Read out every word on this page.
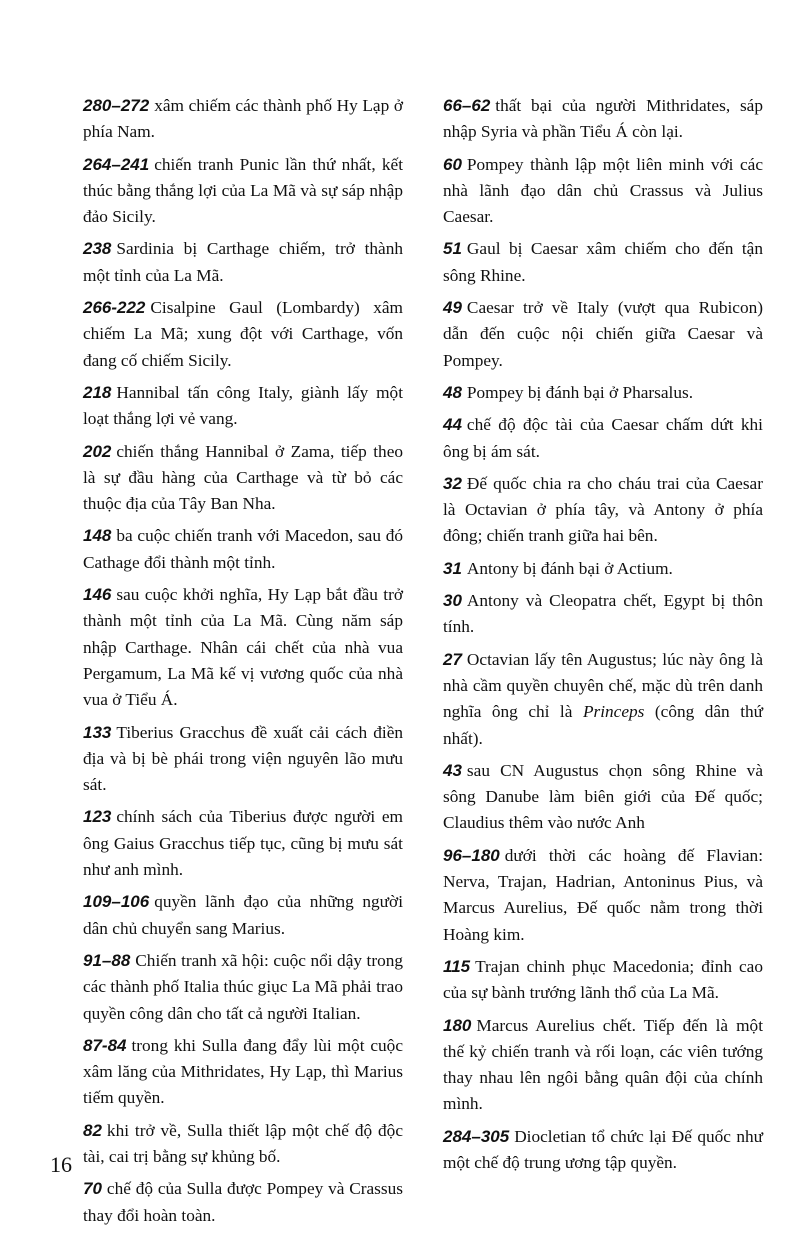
280–272 xâm chiếm các thành phố Hy Lạp ở phía Nam.

264–241 chiến tranh Punic lần thứ nhất, kết thúc bằng thắng lợi của La Mã và sự sáp nhập đảo Sicily.

238 Sardinia bị Carthage chiếm, trở thành một tỉnh của La Mã.

266-222 Cisalpine Gaul (Lombardy) xâm chiếm La Mã; xung đột với Carthage, vốn đang cố chiếm Sicily.

218 Hannibal tấn công Italy, giành lấy một loạt thắng lợi vẻ vang.

202 chiến thắng Hannibal ở Zama, tiếp theo là sự đầu hàng của Carthage và từ bỏ các thuộc địa của Tây Ban Nha.

148 ba cuộc chiến tranh với Macedon, sau đó Cathage đổi thành một tỉnh.

146 sau cuộc khởi nghĩa, Hy Lạp bắt đầu trở thành một tỉnh của La Mã. Cùng năm sáp nhập Carthage. Nhân cái chết của nhà vua Pergamum, La Mã kế vị vương quốc của nhà vua ở Tiểu Á.

133 Tiberius Gracchus đề xuất cải cách điền địa và bị bè phái trong viện nguyên lão mưu sát.

123 chính sách của Tiberius được người em ông Gaius Gracchus tiếp tục, cũng bị mưu sát như anh mình.

109–106 quyền lãnh đạo của những người dân chủ chuyển sang Marius.

91–88 Chiến tranh xã hội: cuộc nổi dậy trong các thành phố Italia thúc giục La Mã phải trao quyền công dân cho tất cả người Italian.

87-84 trong khi Sulla đang đẩy lùi một cuộc xâm lăng của Mithridates, Hy Lạp, thì Marius tiếm quyền.

82 khi trở về, Sulla thiết lập một chế độ độc tài, cai trị bằng sự khủng bố.

70 chế độ của Sulla được Pompey và Crassus thay đổi hoàn toàn.

66–62 thất bại của người Mithridates, sáp nhập Syria và phần Tiểu Á còn lại.

60 Pompey thành lập một liên minh với các nhà lãnh đạo dân chủ Crassus và Julius Caesar.

51 Gaul bị Caesar xâm chiếm cho đến tận sông Rhine.

49 Caesar trở về Italy (vượt qua Rubicon) dẫn đến cuộc nội chiến giữa Caesar và Pompey.

48 Pompey bị đánh bại ở Pharsalus.

44 chế độ độc tài của Caesar chấm dứt khi ông bị ám sát.

32 Đế quốc chia ra cho cháu trai của Caesar là Octavian ở phía tây, và Antony ở phía đông; chiến tranh giữa hai bên.

31 Antony bị đánh bại ở Actium.

30 Antony và Cleopatra chết, Egypt bị thôn tính.

27 Octavian lấy tên Augustus; lúc này ông là nhà cầm quyền chuyên chế, mặc dù trên danh nghĩa ông chỉ là Princeps (công dân thứ nhất).

43 sau CN Augustus chọn sông Rhine và sông Danube làm biên giới của Đế quốc; Claudius thêm vào nước Anh

96–180 dưới thời các hoàng đế Flavian: Nerva, Trajan, Hadrian, Antoninus Pius, và Marcus Aurelius, Đế quốc nằm trong thời Hoàng kim.

115 Trajan chinh phục Macedonia; đỉnh cao của sự bành trướng lãnh thổ của La Mã.

180 Marcus Aurelius chết. Tiếp đến là một thế kỷ chiến tranh và rối loạn, các viên tướng thay nhau lên ngôi bằng quân đội của chính mình.

284–305 Diocletian tổ chức lại Đế quốc như một chế độ trung ương tập quyền.

16
